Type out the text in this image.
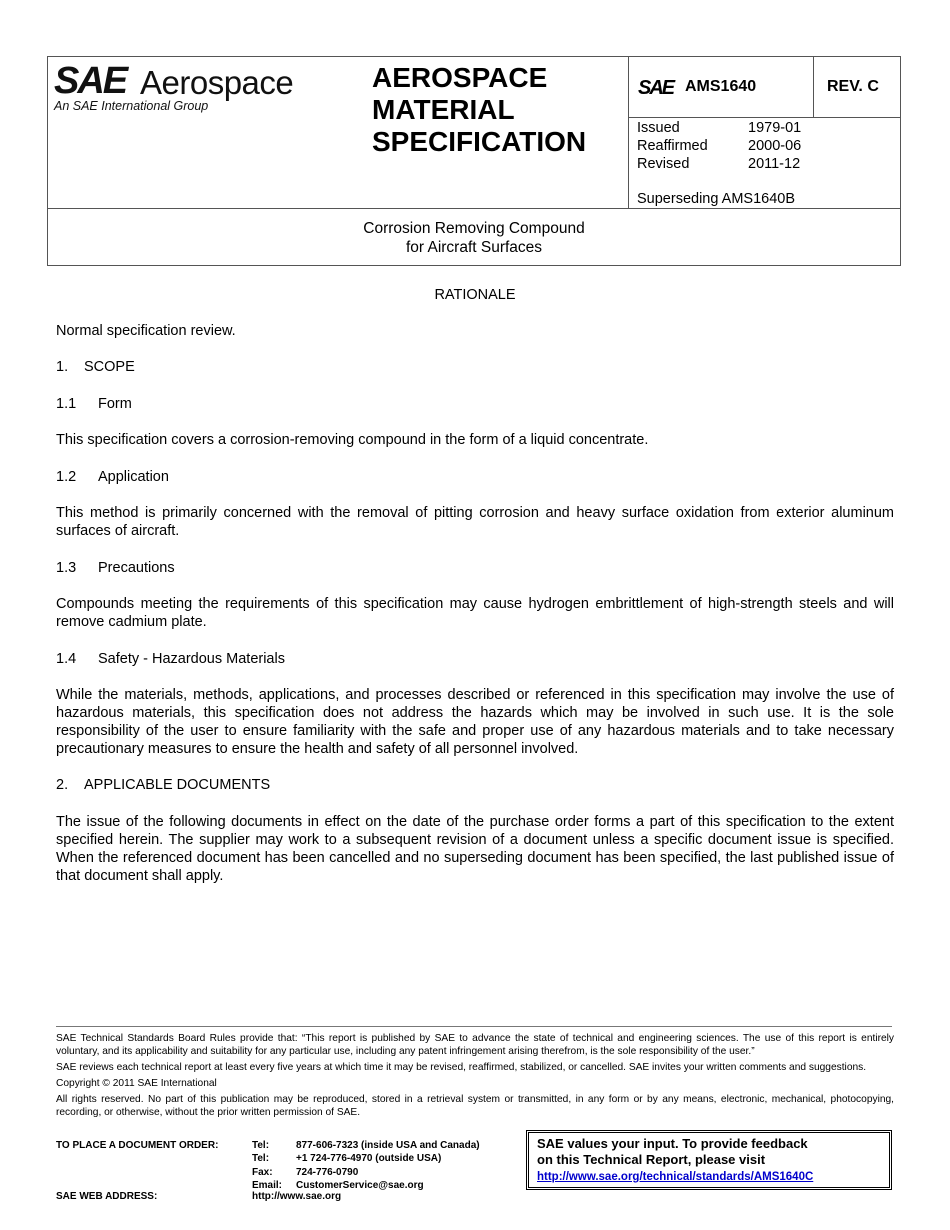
SAE Aerospace
An SAE International Group
AEROSPACE
MATERIAL
SPECIFICATION
SAE AMS1640	REV. C
Issued	1979-01
Reaffirmed	2000-06
Revised	2011-12
Superseding AMS1640B
Corrosion Removing Compound
for Aircraft Surfaces

RATIONALE

Normal specification review.

1. SCOPE

1.1 Form

This specification covers a corrosion-removing compound in the form of a liquid concentrate.

1.2 Application

This method is primarily concerned with the removal of pitting corrosion and heavy surface oxidation from exterior aluminum surfaces of aircraft.

1.3 Precautions

Compounds meeting the requirements of this specification may cause hydrogen embrittlement of high-strength steels and will remove cadmium plate.

1.4 Safety - Hazardous Materials

While the materials, methods, applications, and processes described or referenced in this specification may involve the use of hazardous materials, this specification does not address the hazards which may be involved in such use. It is the sole responsibility of the user to ensure familiarity with the safe and proper use of any hazardous materials and to take necessary precautionary measures to ensure the health and safety of all personnel involved.

2. APPLICABLE DOCUMENTS

The issue of the following documents in effect on the date of the purchase order forms a part of this specification to the extent specified herein. The supplier may work to a subsequent revision of a document unless a specific document issue is specified. When the referenced document has been cancelled and no superseding document has been specified, the last published issue of that document shall apply.

SAE Technical Standards Board Rules provide that: “This report is published by SAE to advance the state of technical and engineering sciences. The use of this report is entirely voluntary, and its applicability and suitability for any particular use, including any patent infringement arising therefrom, is the sole responsibility of the user.”

SAE reviews each technical report at least every five years at which time it may be revised, reaffirmed, stabilized, or cancelled. SAE invites your written comments and suggestions.

Copyright © 2011 SAE International

All rights reserved. No part of this publication may be reproduced, stored in a retrieval system or transmitted, in any form or by any means, electronic, mechanical, photocopying, recording, or otherwise, without the prior written permission of SAE.

TO PLACE A DOCUMENT ORDER:	Tel:	877-606-7323 (inside USA and Canada)
Tel:	+1 724-776-4970 (outside USA)
Fax: 724-776-0790
Email: CustomerService@sae.org
SAE WEB ADDRESS:	http://www.sae.org
SAE values your input. To provide feedback
on this Technical Report, please visit
http://www.sae.org/technical/standards/AMS1640C
